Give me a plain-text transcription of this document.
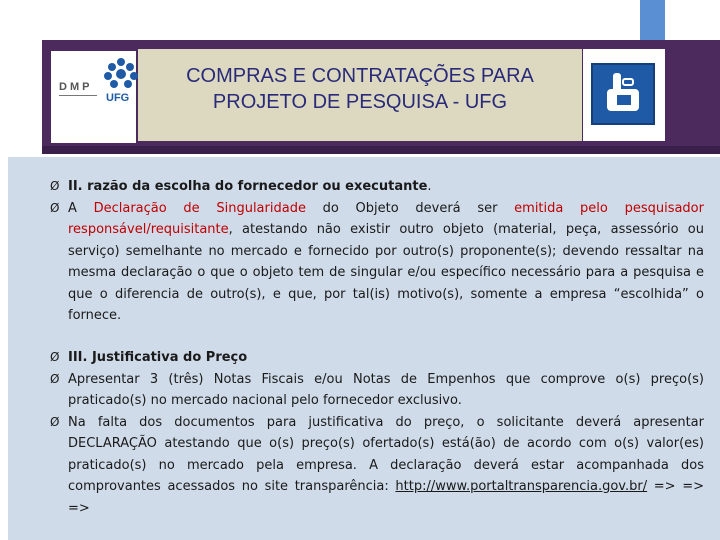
DMP
UFG
COMPRAS E CONTRATAÇÕES PARA
PROJETO DE PESQUISA - UFG
Ø II. razão da escolha do fornecedor ou executante.
Ø A Declaração de Singularidade do Objeto deverá ser emitida pelo pesquisador responsável/requisitante, atestando não existir outro objeto (material, peça, assessório ou serviço) semelhante no mercado e fornecido por outro(s) proponente(s); devendo ressaltar na mesma declaração o que o objeto tem de singular e/ou específico necessário para a pesquisa e que o diferencia de outro(s), e que, por tal(is) motivo(s), somente a empresa “escolhida” o fornece.
Ø III. Justificativa do Preço
Ø Apresentar 3 (três) Notas Fiscais e/ou Notas de Empenhos que comprove o(s) preço(s) praticado(s) no mercado nacional pelo fornecedor exclusivo.
Ø Na falta dos documentos para justificativa do preço, o solicitante deverá apresentar DECLARAÇÃO atestando que o(s) preço(s) ofertado(s) está(ão) de acordo com o(s) valor(es) praticado(s) no mercado pela empresa. A declaração deverá estar acompanhada dos comprovantes acessados no site transparência: http://www.portaltransparencia.gov.br/ => => =>
